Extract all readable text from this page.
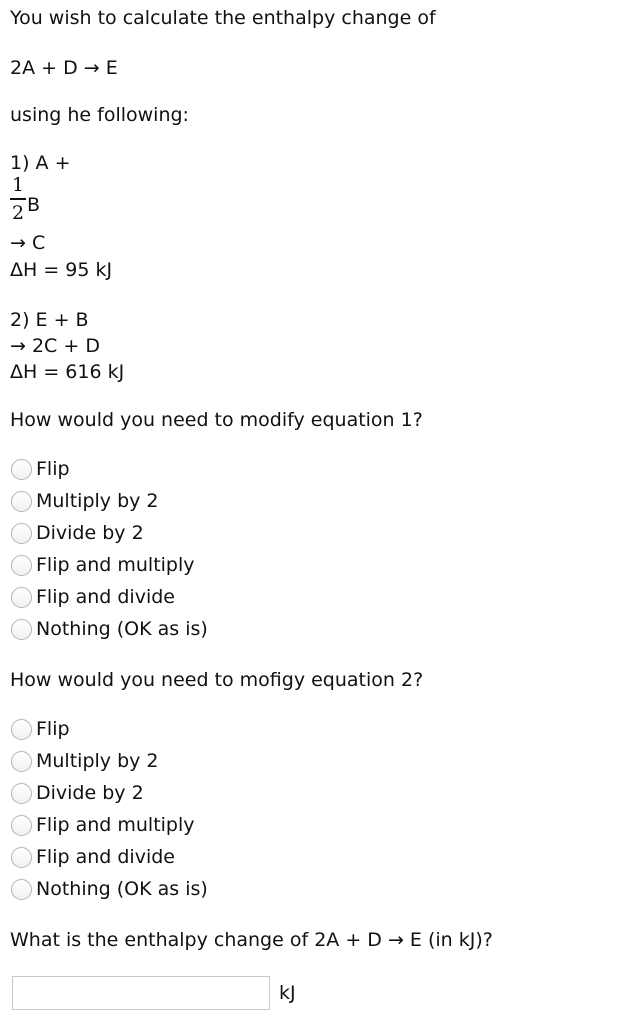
You wish to calculate the enthalpy change of
2A + D → E
using he following:
1) A +
1
2 B
→ C
ΔH = 95 kJ
2) E + B
→ 2C + D
ΔH = 616 kJ
How would you need to modify equation 1?
Flip
Multiply by 2
Divide by 2
Flip and multiply
Flip and divide
Nothing (OK as is)
How would you need to mofigy equation 2?
Flip
Multiply by 2
Divide by 2
Flip and multiply
Flip and divide
Nothing (OK as is)
What is the enthalpy change of 2A + D → E (in kJ)?
kJ
